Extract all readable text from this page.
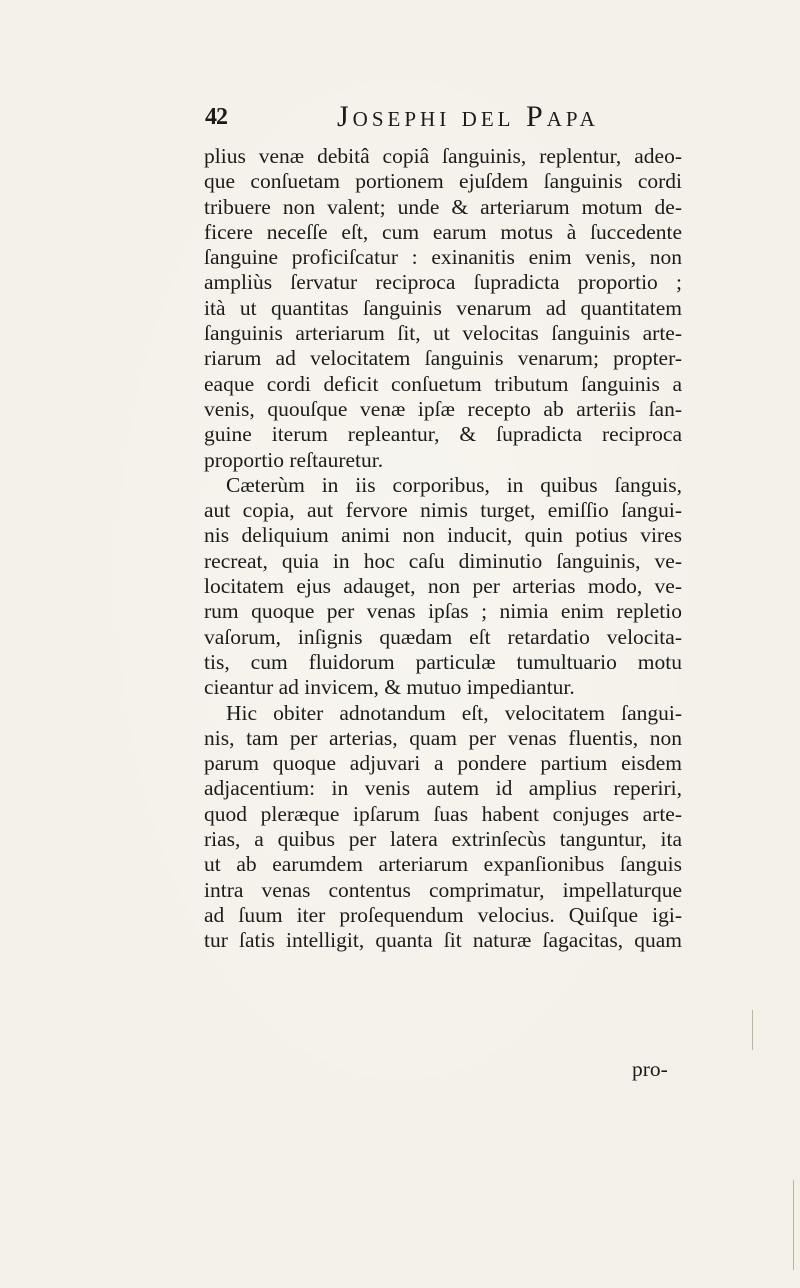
42	Josephi del Papa
plius venæ debitâ copiâ ſanguinis, replentur, adeo-
que conſuetam portionem ejuſdem ſanguinis cordi
tribuere non valent; unde & arteriarum motum de-
ficere neceſſe eſt, cum earum motus à ſuccedente
ſanguine proficiſcatur : exinanitis enim venis, non
ampliùs ſervatur reciproca ſupradicta proportio ;
ità ut quantitas ſanguinis venarum ad quantitatem
ſanguinis arteriarum ſit, ut velocitas ſanguinis arte-
riarum ad velocitatem ſanguinis venarum; propter-
eaque cordi deficit conſuetum tributum ſanguinis a
venis, quouſque venæ ipſæ recepto ab arteriis ſan-
guine iterum repleantur, & ſupradicta reciproca
proportio reſtauretur.
Cæterùm in iis corporibus, in quibus ſanguis,
aut copia, aut fervore nimis turget, emiſſio ſangui-
nis deliquium animi non inducit, quin potius vires
recreat, quia in hoc caſu diminutio ſanguinis, ve-
locitatem ejus adauget, non per arterias modo, ve-
rum quoque per venas ipſas ; nimia enim repletio
vaſorum, inſignis quædam eſt retardatio velocita-
tis, cum fluidorum particulæ tumultuario motu
cieantur ad invicem, & mutuo impediantur.
Hic obiter adnotandum eſt, velocitatem ſangui-
nis, tam per arterias, quam per venas fluentis, non
parum quoque adjuvari a pondere partium eisdem
adjacentium: in venis autem id amplius reperiri,
quod pleræque ipſarum ſuas habent conjuges arte-
rias, a quibus per latera extrinſecùs tanguntur, ita
ut ab earumdem arteriarum expanſionibus ſanguis
intra venas contentus comprimatur, impellaturque
ad ſuum iter proſequendum velocius. Quiſque igi-
tur ſatis intelligit, quanta ſit naturæ ſagacitas, quam
pro-
